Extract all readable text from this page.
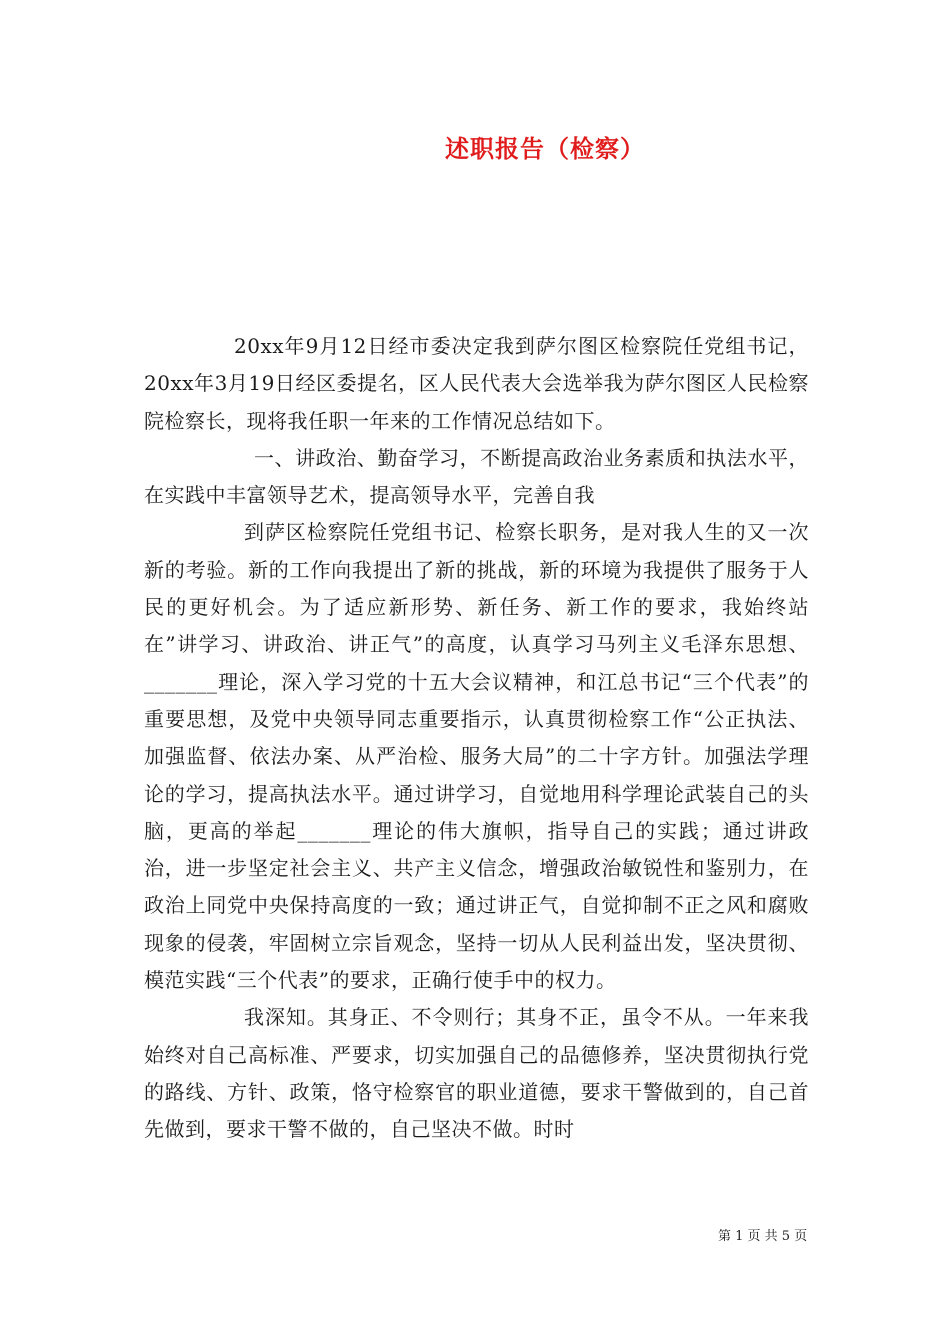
述职报告（检察）

20xx年9月12日经市委决定我到萨尔图区检察院任党组书记，20xx年3月19日经区委提名，区人民代表大会选举我为萨尔图区人民检察院检察长，现将我任职一年来的工作情况总结如下。

一、讲政治、勤奋学习，不断提高政治业务素质和执法水平，在实践中丰富领导艺术，提高领导水平，完善自我

到萨区检察院任党组书记、检察长职务，是对我人生的又一次新的考验。新的工作向我提出了新的挑战，新的环境为我提供了服务于人民的更好机会。为了适应新形势、新任务、新工作的要求，我始终站在”讲学习、讲政治、讲正气”的高度，认真学习马列主义毛泽东思想、_______理论，深入学习党的十五大会议精神，和江总书记“三个代表”的重要思想，及党中央领导同志重要指示，认真贯彻检察工作“公正执法、加强监督、依法办案、从严治检、服务大局”的二十字方针。加强法学理论的学习，提高执法水平。通过讲学习，自觉地用科学理论武装自己的头脑，更高的举起_______理论的伟大旗帜，指导自己的实践；通过讲政治，进一步坚定社会主义、共产主义信念，增强政治敏锐性和鉴别力，在政治上同党中央保持高度的一致；通过讲正气，自觉抑制不正之风和腐败现象的侵袭，牢固树立宗旨观念，坚持一切从人民利益出发，坚决贯彻、模范实践“三个代表”的要求，正确行使手中的权力。

我深知。其身正、不令则行；其身不正，虽令不从。一年来我始终对自己高标准、严要求，切实加强自己的品德修养，坚决贯彻执行党的路线、方针、政策，恪守检察官的职业道德，要求干警做到的，自己首先做到，要求干警不做的，自己坚决不做。时时

第 1 页 共 5 页
